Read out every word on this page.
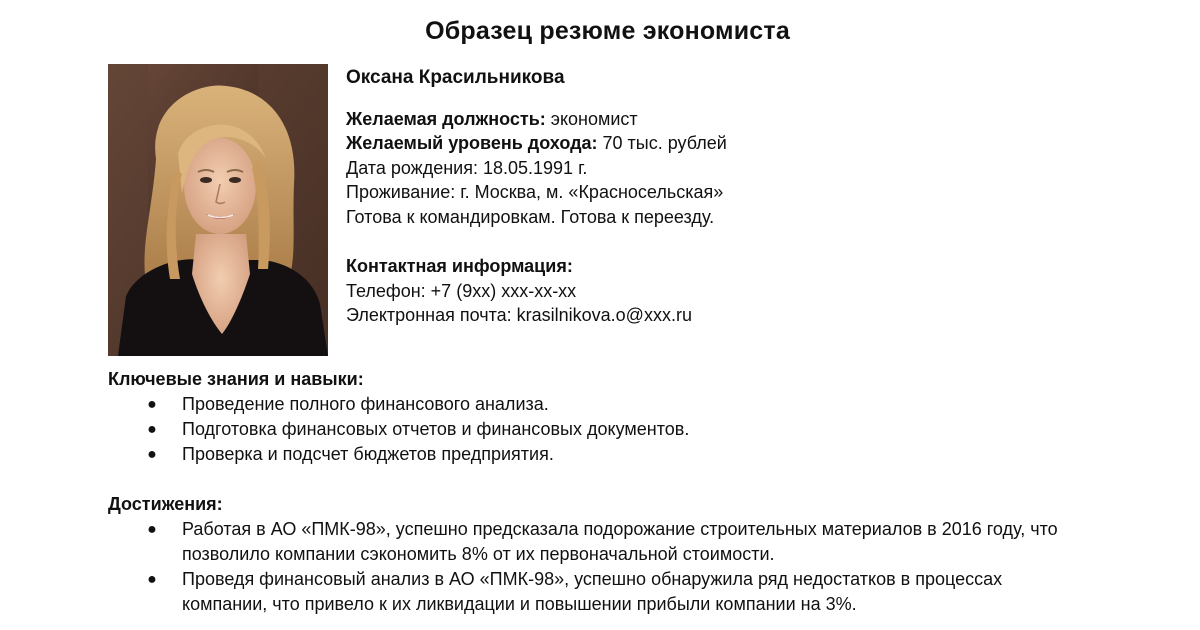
Образец резюме экономиста
Оксана Красильникова
Желаемая должность: экономист
Желаемый уровень дохода: 70 тыс. рублей
Дата рождения: 18.05.1991 г.
Проживание: г. Москва, м. «Красносельская»
Готова к командировкам. Готова к переезду.
Контактная информация:
Телефон: +7 (9хх) ххх-хх-хх
Электронная почта: krasilnikova.o@xxx.ru
Ключевые знания и навыки:
● Проведение полного финансового анализа.
● Подготовка финансовых отчетов и финансовых документов.
● Проверка и подсчет бюджетов предприятия.
Достижения:
● Работая в АО «ПМК-98», успешно предсказала подорожание строительных материалов в 2016 году, что
позволило компании сэкономить 8% от их первоначальной стоимости.
● Проведя финансовый анализ в АО «ПМК-98», успешно обнаружила ряд недостатков в процессах
компании, что привело к их ликвидации и повышении прибыли компании на 3%.
